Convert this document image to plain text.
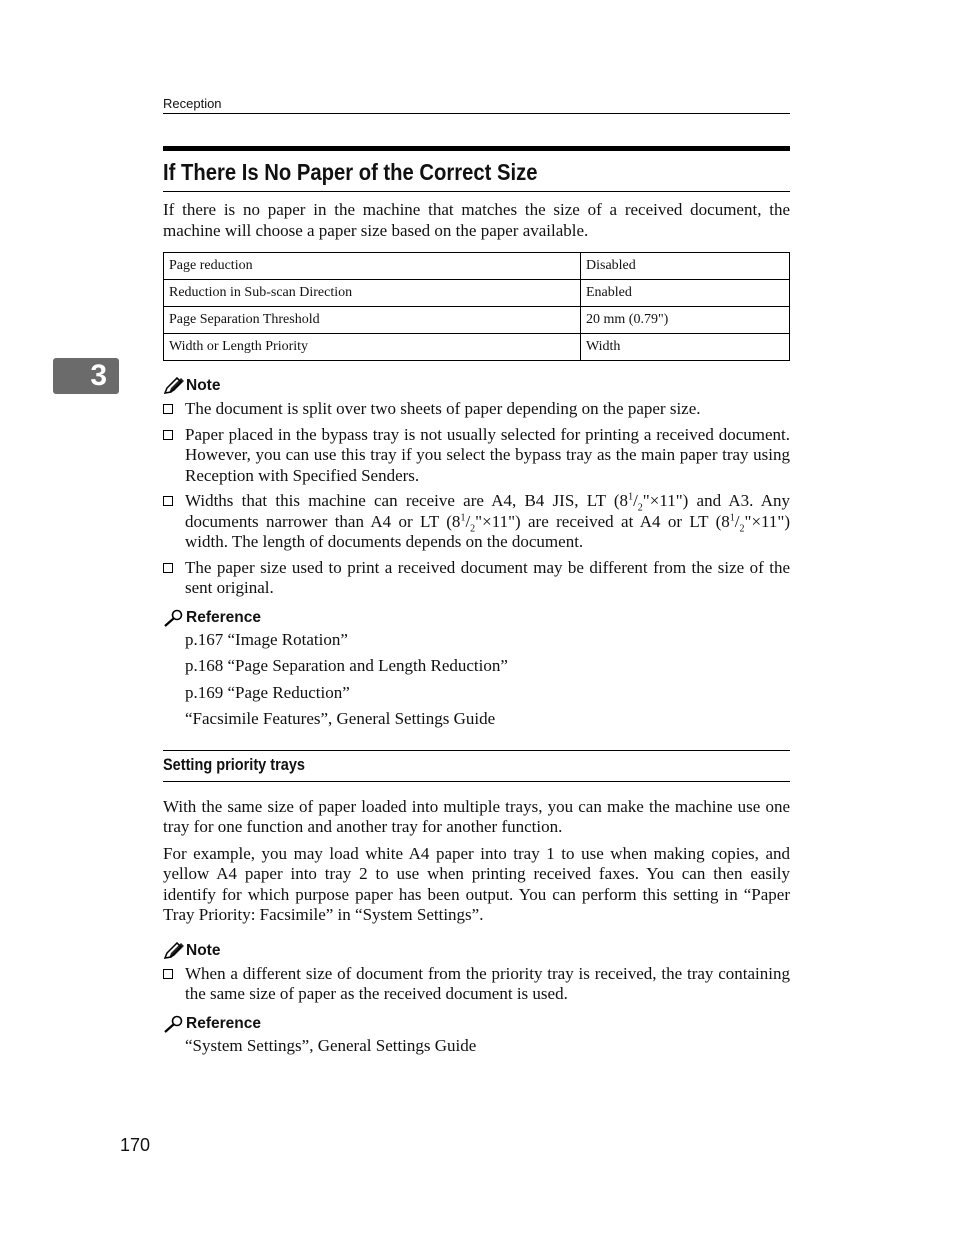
Reception
3
If There Is No Paper of the Correct Size

If there is no paper in the machine that matches the size of a received document, the machine will choose a paper size based on the paper available.

Page reduction	Disabled
Reduction in Sub-scan Direction	Enabled
Page Separation Threshold	20 mm (0.79")
Width or Length Priority	Width
Note
The document is split over two sheets of paper depending on the paper size.
Paper placed in the bypass tray is not usually selected for printing a received document. However, you can use this tray if you select the bypass tray as the main paper tray using Reception with Specified Senders.
Widths that this machine can receive are A4, B4 JIS, LT $(8^1/_2"\times 11")$ and A3. Any documents narrower than A4 or LT $(8^1/_2"\times 11")$ are received at A4 or LT $(8^1/_2"\times 11")$ width. The length of documents depends on the document.
The paper size used to print a received document may be different from the size of the sent original.
Reference
p.167 “Image Rotation”
p.168 “Page Separation and Length Reduction”
p.169 “Page Reduction”
“Facsimile Features”, General Settings Guide
Setting priority trays

With the same size of paper loaded into multiple trays, you can make the machine use one tray for one function and another tray for another function.

For example, you may load white A4 paper into tray 1 to use when making copies, and yellow A4 paper into tray 2 to use when printing received faxes. You can then easily identify for which purpose paper has been output. You can perform this setting in “Paper Tray Priority: Facsimile” in “System Settings”.

Note
When a different size of document from the priority tray is received, the tray containing the same size of paper as the received document is used.
Reference
“System Settings”, General Settings Guide
170
